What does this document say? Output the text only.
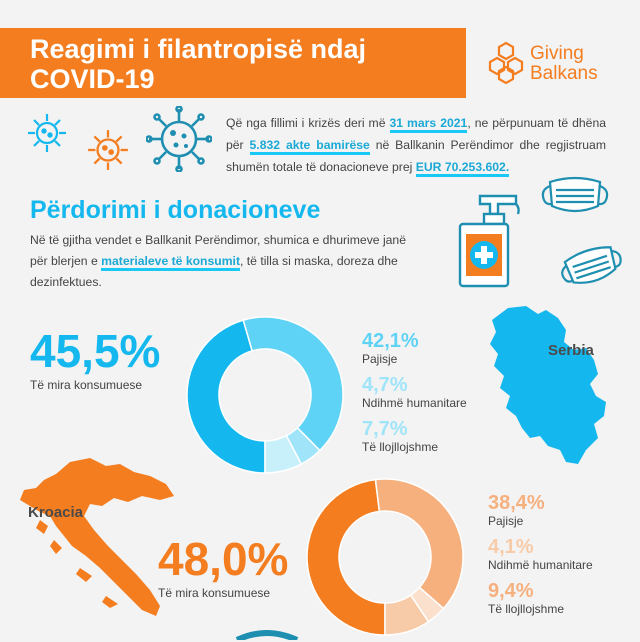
Reagimi i filantropisë ndaj
COVID-19
Giving
Balkans

Që nga fillimi i krizës deri më 31 mars 2021, ne përpunuam të dhëna për 5.832 akte bamirëse në Ballkanin Perëndimor dhe regjistruam shumën totale të donacioneve prej EUR 70.253.602.

Përdorimi i donacioneve

Në të gjitha vendet e Ballkanit Perëndimor, shumica e dhurimeve janë për blerjen e materialeve të konsumit, të tilla si maska, doreza dhe dezinfektues.

45,5%

Të mira konsumuese

42,1%

Pajisje

4,7%

Ndihmë humanitare

7,7%

Të llojllojshme

Serbia

Kroacia

48,0%

Të mira konsumuese

38,4%

Pajisje

4,1%

Ndihmë humanitare

9,4%

Të llojllojshme
